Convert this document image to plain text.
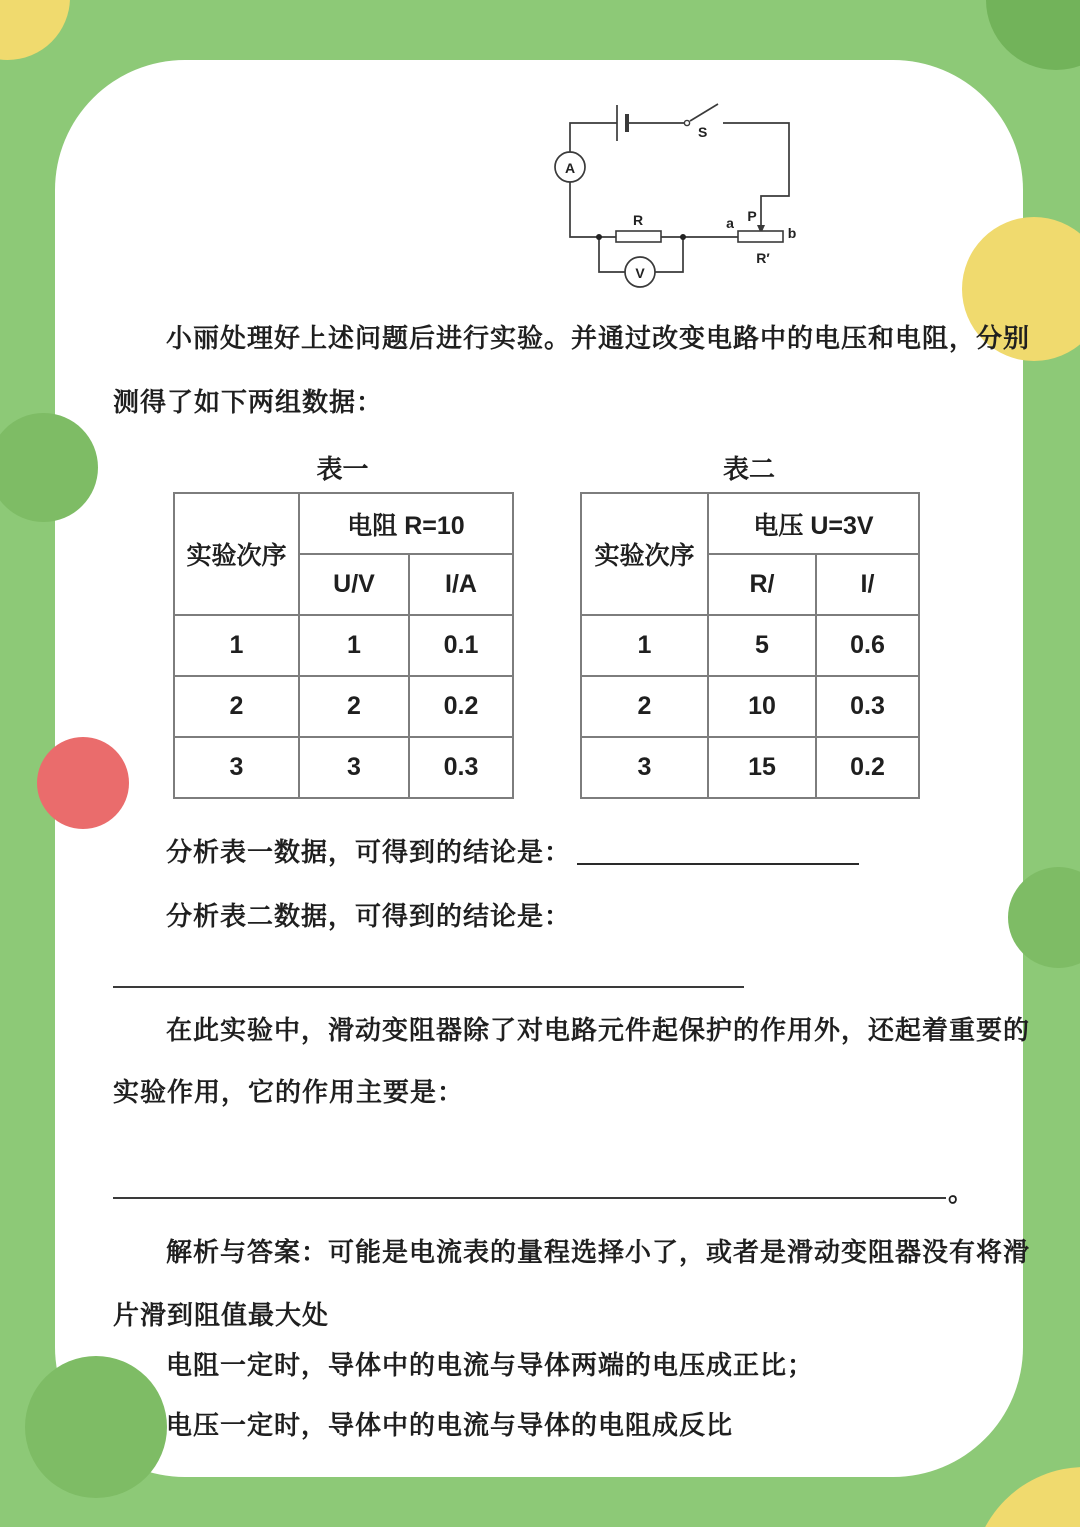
A
V
S
R	P
a
b
R′
小丽处理好上述问题后进行实验。并通过改变电路中的电压和电阻，分别
测得了如下两组数据：
表一	表二
实验次序	电阻 R=10	
	U/V	I/A
1	1	0.1
2	2	0.2
3	3	0.3
实验次序	电压 U=3V	
	R/	I/
1	5	0.6
2	10	0.3
3	15	0.2
分析表一数据，可得到的结论是：
分析表二数据，可得到的结论是：
在此实验中，滑动变阻器除了对电路元件起保护的作用外，还起着重要的
实验作用，它的作用主要是：
。
解析与答案：可能是电流表的量程选择小了，或者是滑动变阻器没有将滑
片滑到阻值最大处
电阻一定时，导体中的电流与导体两端的电压成正比；
电压一定时，导体中的电流与导体的电阻成反比
